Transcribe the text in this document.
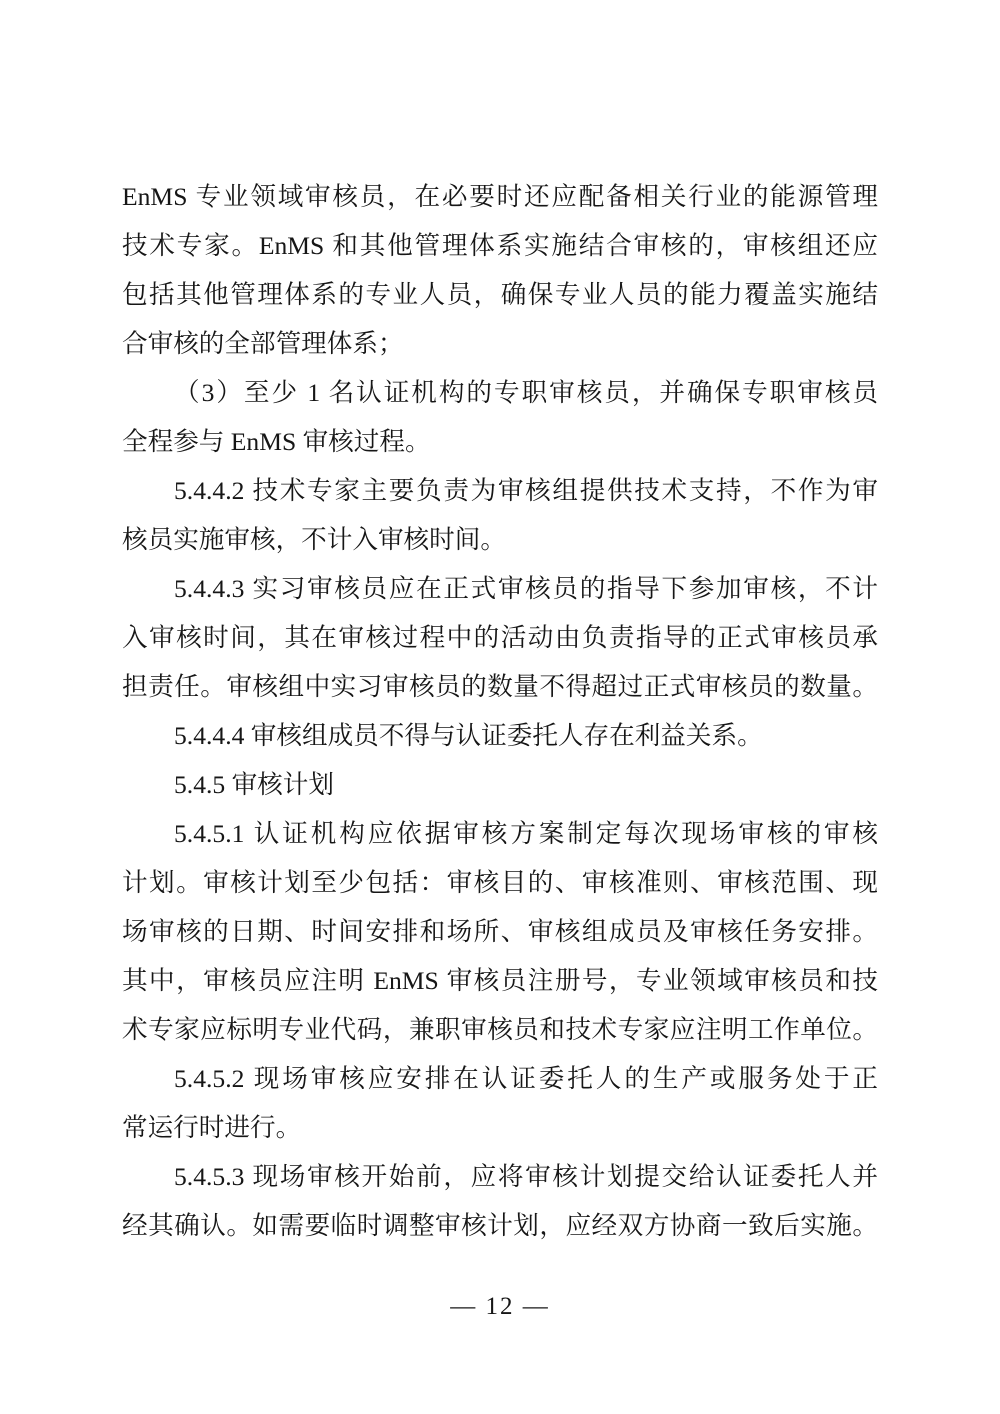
EnMS 专业领域审核员，在必要时还应配备相关行业的能源管理
技术专家。EnMS 和其他管理体系实施结合审核的，审核组还应
包括其他管理体系的专业人员，确保专业人员的能力覆盖实施结
合审核的全部管理体系；
（3）至少 1 名认证机构的专职审核员，并确保专职审核员
全程参与 EnMS 审核过程。
5.4.4.2 技术专家主要负责为审核组提供技术支持，不作为审
核员实施审核，不计入审核时间。
5.4.4.3 实习审核员应在正式审核员的指导下参加审核，不计
入审核时间，其在审核过程中的活动由负责指导的正式审核员承
担责任。审核组中实习审核员的数量不得超过正式审核员的数量。
5.4.4.4 审核组成员不得与认证委托人存在利益关系。
5.4.5 审核计划
5.4.5.1 认证机构应依据审核方案制定每次现场审核的审核
计划。审核计划至少包括：审核目的、审核准则、审核范围、现
场审核的日期、时间安排和场所、审核组成员及审核任务安排。
其中，审核员应注明 EnMS 审核员注册号，专业领域审核员和技
术专家应标明专业代码，兼职审核员和技术专家应注明工作单位。
5.4.5.2 现场审核应安排在认证委托人的生产或服务处于正
常运行时进行。
5.4.5.3 现场审核开始前，应将审核计划提交给认证委托人并
经其确认。如需要临时调整审核计划，应经双方协商一致后实施。
— 12 —
